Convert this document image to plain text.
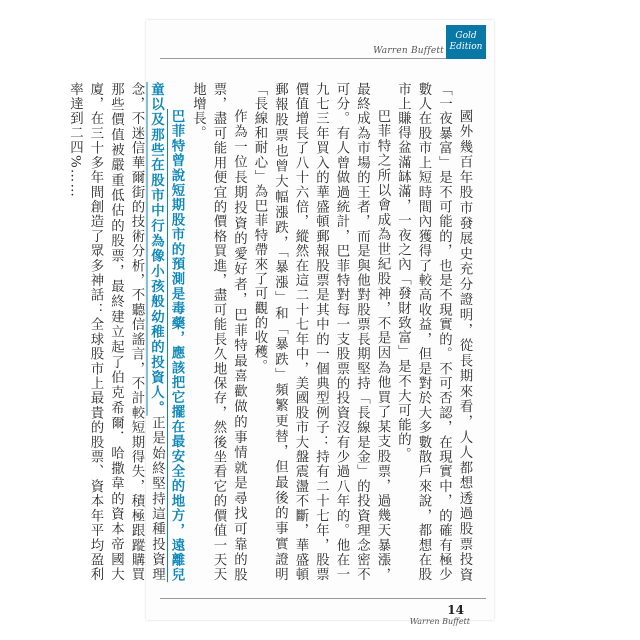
Warren Buffett
Gold
Edition

國外幾百年股市發展史充分證明，從長期來看，人人都想透過股票投資「一夜暴富」是不可能的，也是不現實的。不可否認，在現實中，的確有極少數人在股市上短時間內獲得了較高收益，但是對於大多數散戶來說，都想在股市上賺得盆滿缽滿，一夜之內「發財致富」是不大可能的。

巴菲特之所以會成為世紀股神，不是因為他買了某支股票，過幾天暴漲，最終成為市場的王者，而是與他對股票長期堅持「長線是金」的投資理念密不可分。有人曾做過統計，巴菲特對每一支股票的投資沒有少過八年的。他在一九七三年買入的華盛頓郵報股票是其中的一個典型例子：持有二十七年，股票價值增長了八十六倍，縱然在這二十七年中，美國股市大盤震盪不斷，華盛頓郵報股票也曾大幅漲跌，「暴漲」和「暴跌」頻繁更替，但最後的事實證明「長線和耐心」為巴菲特帶來了可觀的收穫。

作為一位長期投資的愛好者，巴菲特最喜歡做的事情就是尋找可靠的股票，盡可能用便宜的價格買進，盡可能長久地保存，然後坐看它的價值一天天地增長。

巴菲特曾說短期股市的預測是毒藥，應該把它擺在最安全的地方，遠離兒童以及那些在股市中行為像小孩般幼稚的投資人。正是始終堅持這種投資理念，不迷信華爾街的技術分析，不聽信謠言，不計較短期得失，積極跟蹤購買那些價值被嚴重低估的股票，最終建立起了伯克希爾．哈撒韋的資本帝國大廈，在三十多年間創造了眾多神話：全球股市上最貴的股票、資本年平均盈利率達到二四%……

14
Warren Buffett
